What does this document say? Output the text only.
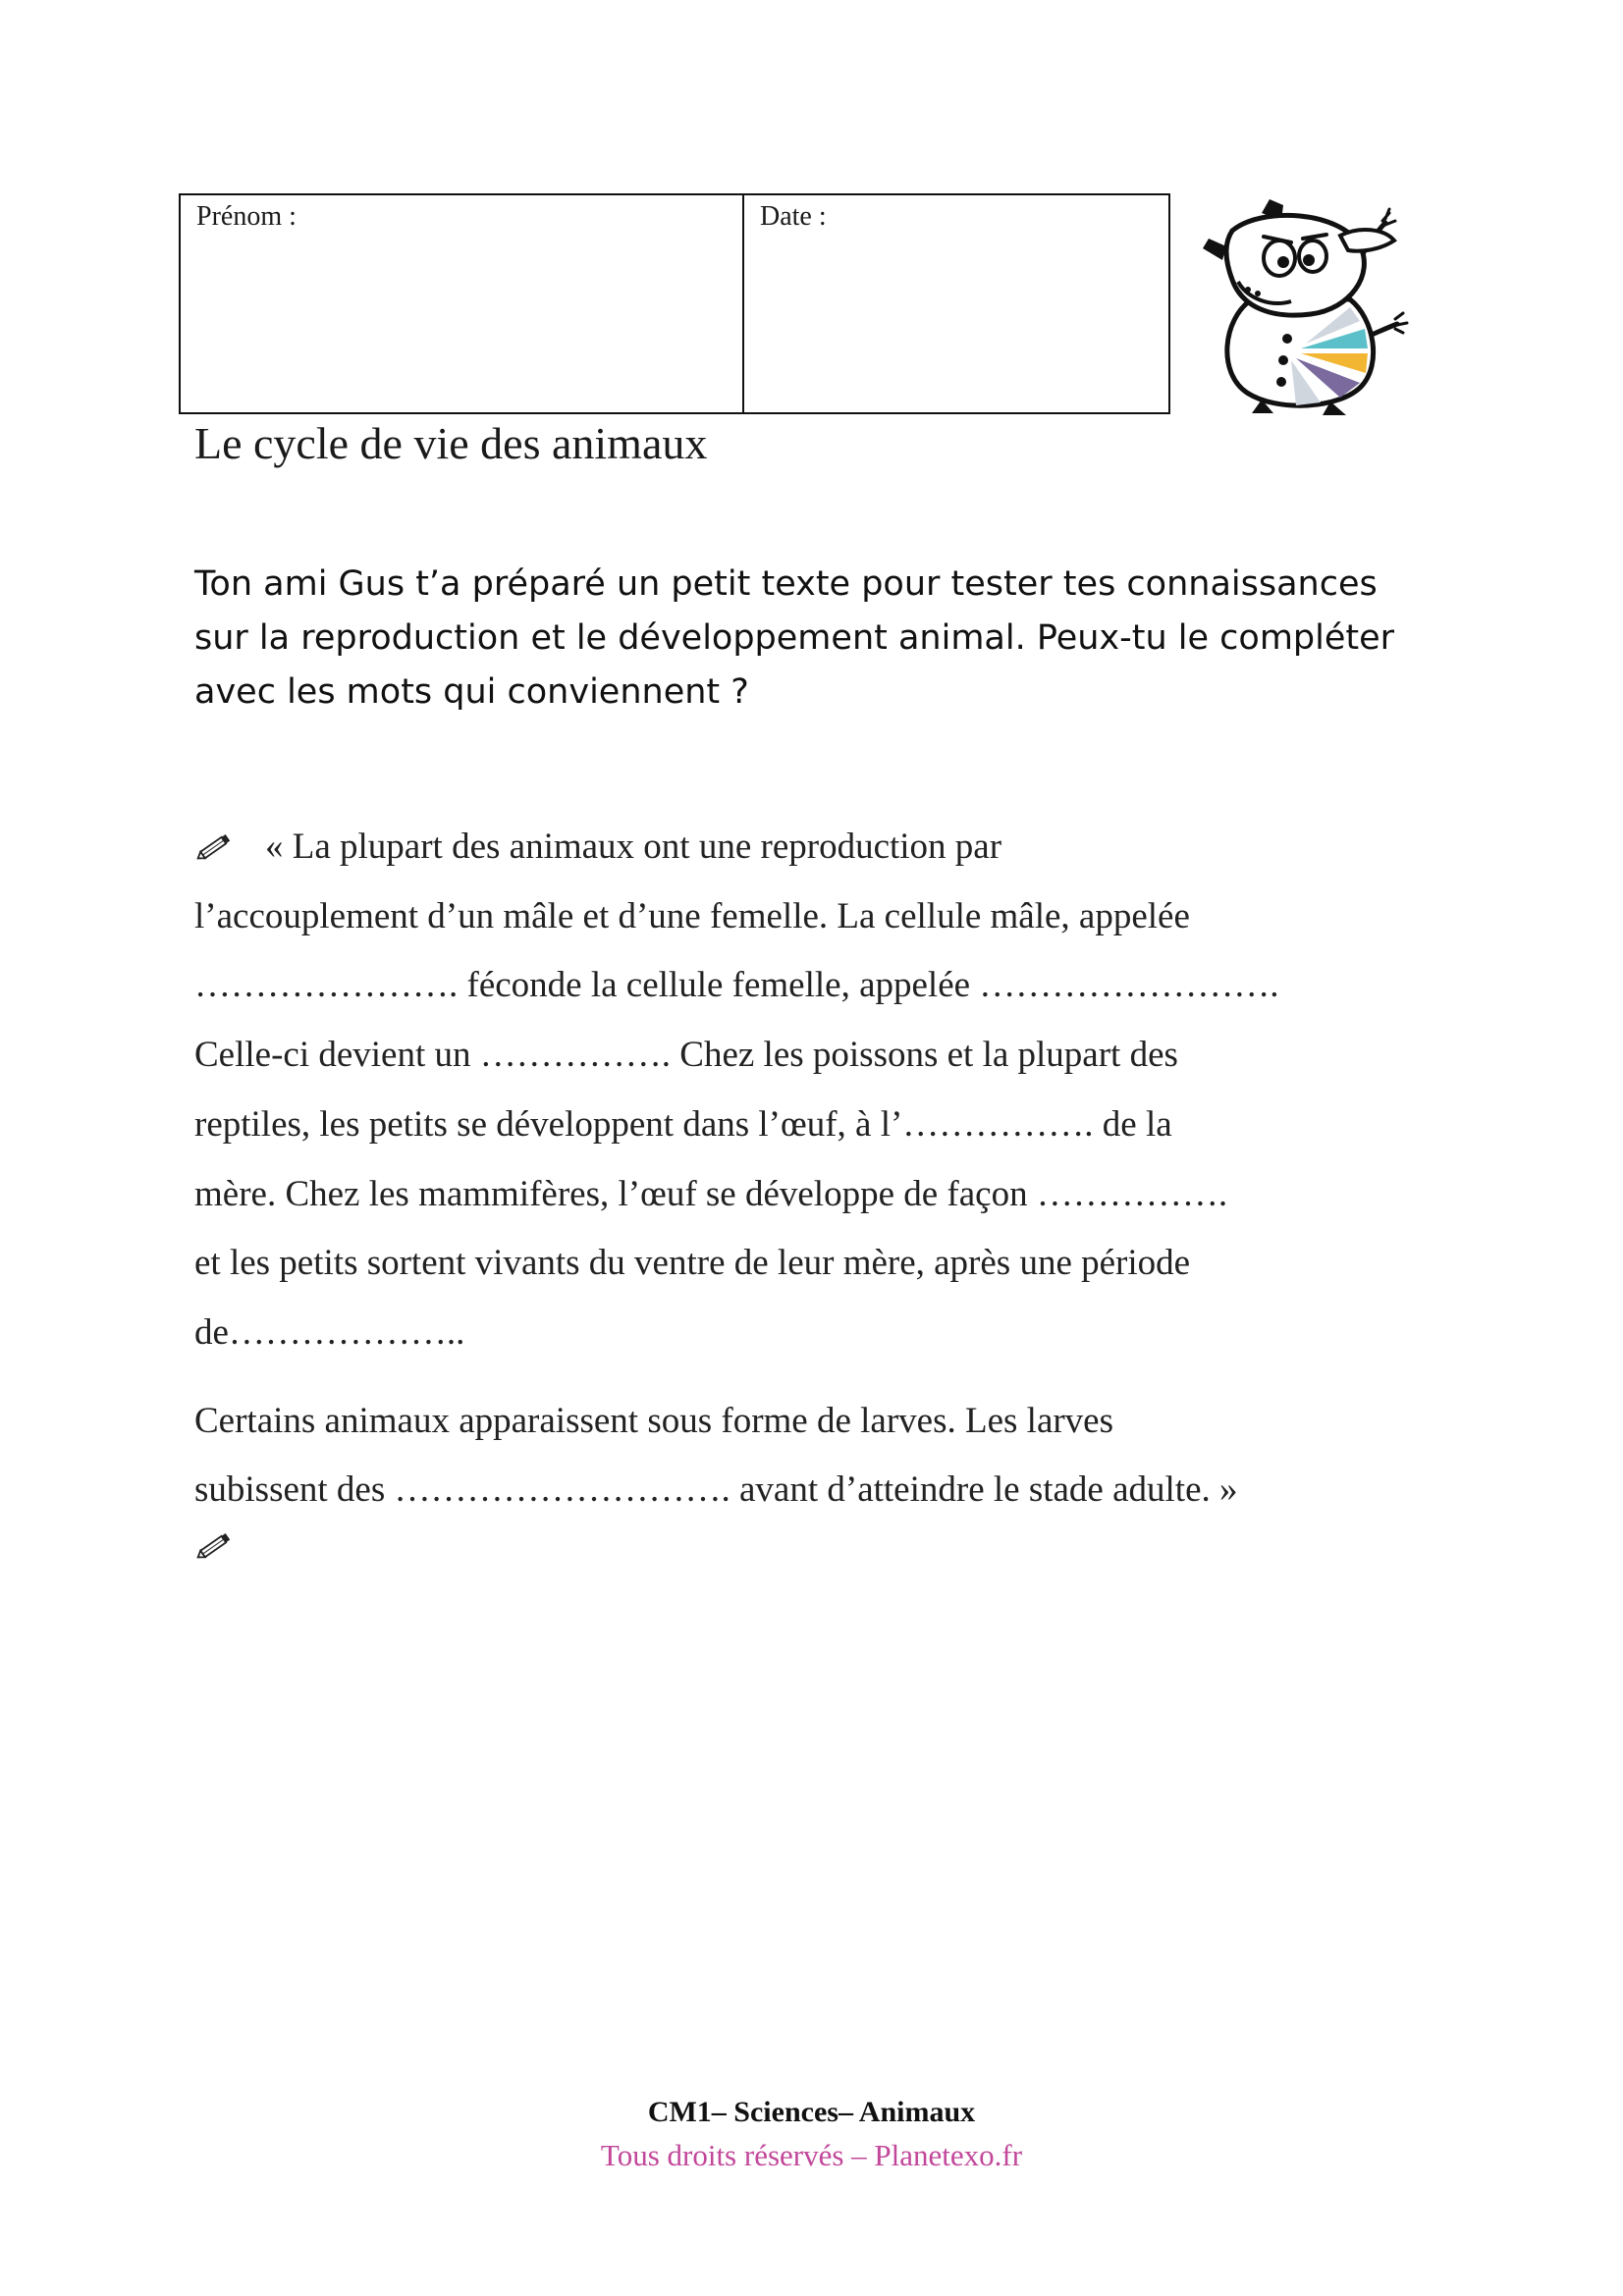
Prénom :	Date :
Le cycle de vie des animaux
Ton ami Gus t’a préparé un petit texte pour tester tes connaissances
sur la reproduction et le développement animal. Peux-tu le compléter
avec les mots qui conviennent ?
« La plupart des animaux ont une reproduction par
l’accouplement d’un mâle et d’une femelle. La cellule mâle, appelée
…………………. féconde la cellule femelle, appelée …………………….
Celle-ci devient un ……………. Chez les poissons et la plupart des
reptiles, les petits se développent dans l’œuf, à l’……………. de la
mère. Chez les mammifères, l’œuf se développe de façon …………….
et les petits sortent vivants du ventre de leur mère, après une période
de………………..
Certains animaux apparaissent sous forme de larves. Les larves
subissent des ………………………. avant d’atteindre le stade adulte. »

CM1– Sciences– Animaux

Tous droits réservés – Planetexo.fr
